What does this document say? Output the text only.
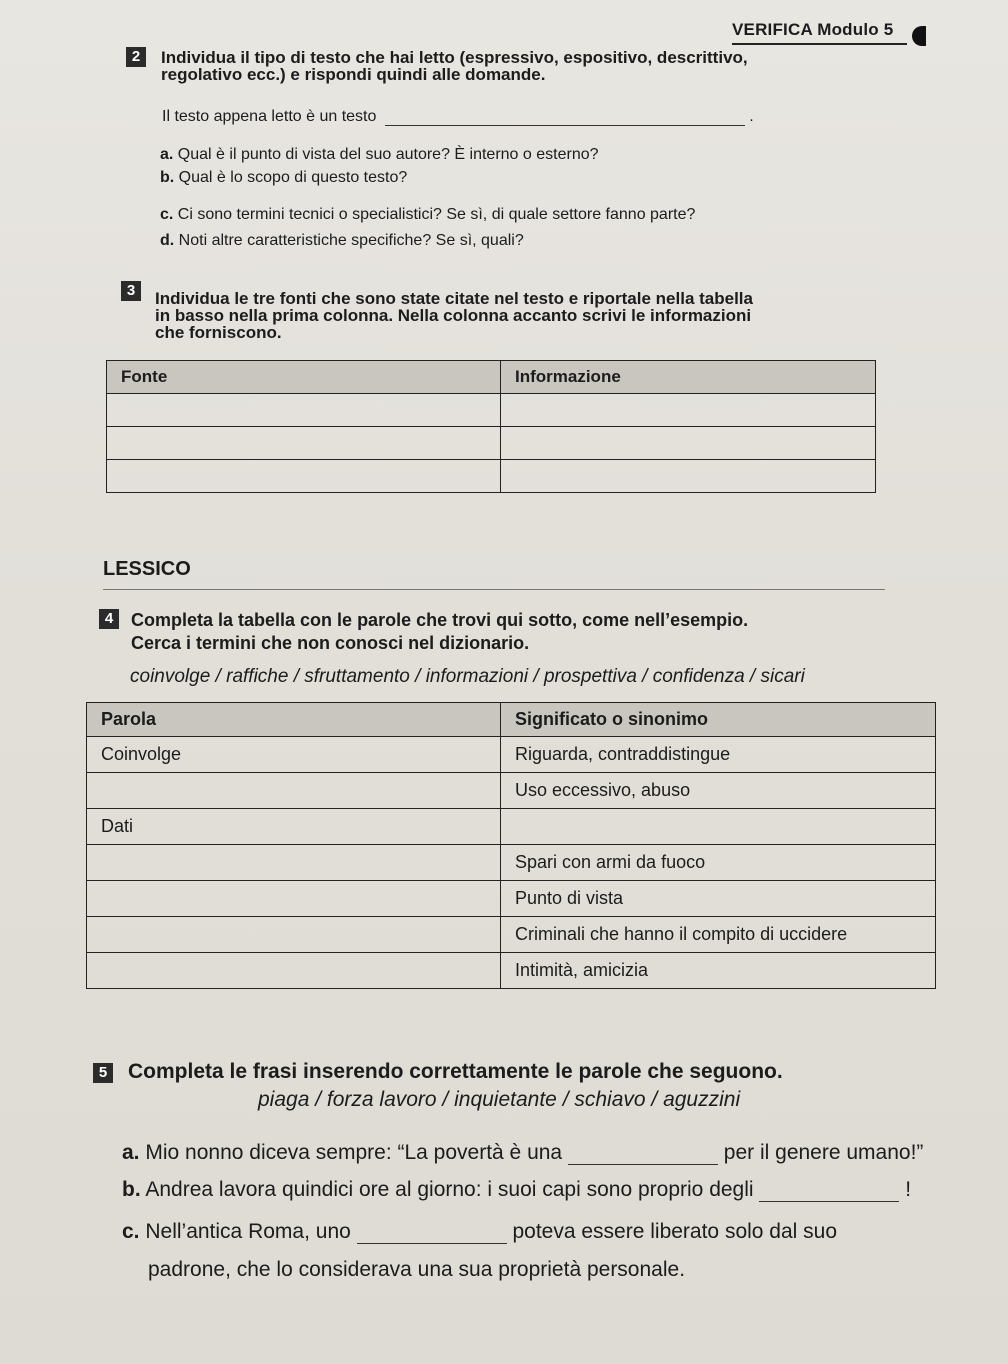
VERIFICA Modulo 5
2	Individua il tipo di testo che hai letto (espressivo, espositivo, descrittivo,
regolativo ecc.) e rispondi quindi alle domande.
Il testo appena letto è un testo	.
a. Qual è il punto di vista del suo autore? È interno o esterno?
b. Qual è lo scopo di questo testo?
c. Ci sono termini tecnici o specialistici? Se sì, di quale settore fanno parte?
d. Noti altre caratteristiche specifiche? Se sì, quali?
3	Individua le tre fonti che sono state citate nel testo e riportale nella tabella
in basso nella prima colonna. Nella colonna accanto scrivi le informazioni
che forniscono.
Fonte	Informazione

LESSICO
4 Completa la tabella con le parole che trovi qui sotto, come nell’esempio.
Cerca i termini che non conosci nel dizionario.
coinvolge / raffiche / sfruttamento / informazioni / prospettiva / confidenza / sicari
Parola	Significato o sinonimo
Coinvolge	Riguarda, contraddistingue
	Uso eccessivo, abuso
Dati	
	Spari con armi da fuoco
	Punto di vista
	Criminali che hanno il compito di uccidere
	Intimità, amicizia
5 Completa le frasi inserendo correttamente le parole che seguono.
piaga / forza lavoro / inquietante / schiavo / aguzzini
a. Mio nonno diceva sempre: “La povertà è una	per il genere umano!”
b. Andrea lavora quindici ore al giorno: i suoi capi sono proprio degli	!
c. Nell’antica Roma, uno	poteva essere liberato solo dal suo
padrone, che lo considerava una sua proprietà personale.
